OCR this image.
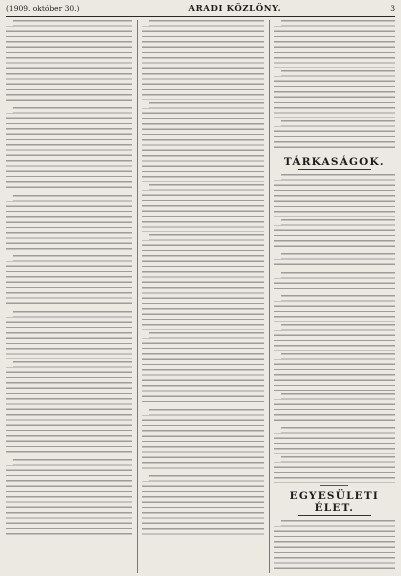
(1909. október 30.)	ARADI KÖZLÖNY.	3
TÁRKASÁGOK.
EGYESÜLETI ÉLET.
